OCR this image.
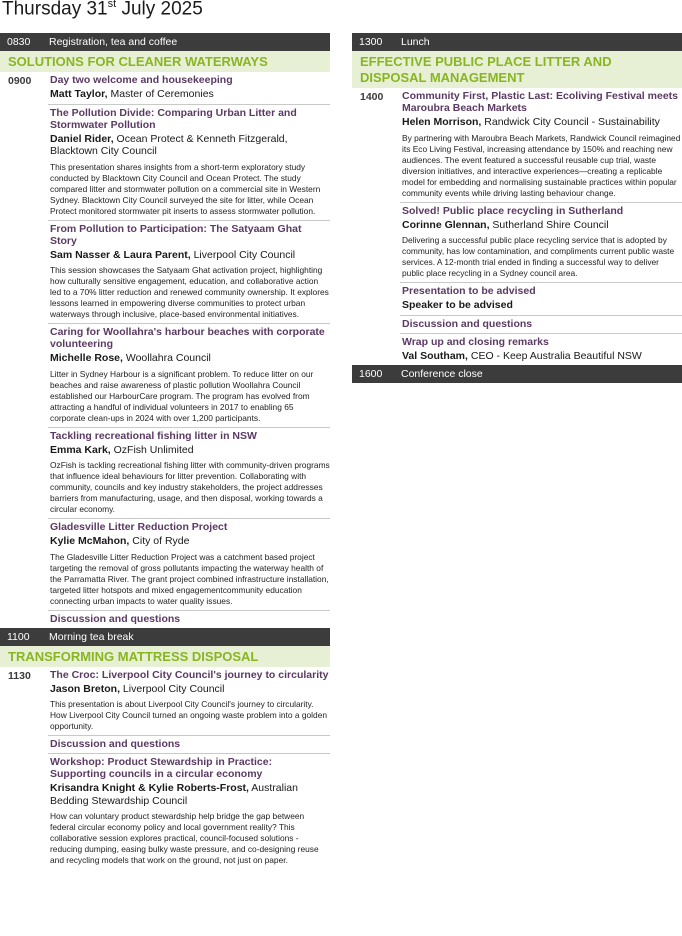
Thursday 31st July 2025
0830	Registration, tea and coffee
SOLUTIONS FOR CLEANER WATERWAYS
0900	Day two welcome and housekeeping
Matt Taylor, Master of Ceremonies
The Pollution Divide: Comparing Urban Litter and Stormwater Pollution
Daniel Rider, Ocean Protect & Kenneth Fitzgerald, Blacktown City Council
This presentation shares insights from a short-term exploratory study conducted by Blacktown City Council and Ocean Protect. The study compared litter and stormwater pollution on a commercial site in Western Sydney. Blacktown City Council surveyed the site for litter, while Ocean Protect monitored stormwater pit inserts to assess stormwater pollution.
From Pollution to Participation: The Satyaam Ghat Story
Sam Nasser & Laura Parent, Liverpool City Council
This session showcases the Satyaam Ghat activation project, highlighting how culturally sensitive engagement, education, and collaborative action led to a 70% litter reduction and renewed community ownership. It explores lessons learned in empowering diverse communities to protect urban waterways through inclusive, place-based environmental initiatives.
Caring for Woollahra's harbour beaches with corporate volunteering
Michelle Rose, Woollahra Council
Litter in Sydney Harbour is a significant problem. To reduce litter on our beaches and raise awareness of plastic pollution Woollahra Council established our HarbourCare program. The program has evolved from attracting a handful of individual volunteers in 2017 to enabling 65 corporate clean-ups in 2024 with over 1,200 participants.
Tackling recreational fishing litter in NSW
Emma Kark, OzFish Unlimited
OzFish is tackling recreational fishing litter with community-driven programs that influence ideal behaviours for litter prevention. Collaborating with community, councils and key industry stakeholders, the project addresses barriers from manufacturing, usage, and then disposal, working towards a circular economy.
Gladesville Litter Reduction Project
Kylie McMahon, City of Ryde
The Gladesville Litter Reduction Project was a catchment based project targeting the removal of gross pollutants impacting the waterway health of the Parramatta River. The grant project combined infrastructure installation, targeted litter hotspots and mixed engagementcommunity education connecting urban impacts to water quality issues.
Discussion and questions
1100	Morning tea break
TRANSFORMING MATTRESS DISPOSAL
1130	The Croc: Liverpool City Council's journey to circularity
Jason Breton, Liverpool City Council
This presentation is about Liverpool City Council's journey to circularity. How Liverpool City Council turned an ongoing waste problem into a golden opportunity.
Discussion and questions
Workshop: Product Stewardship in Practice: Supporting councils in a circular economy
Krisandra Knight & Kylie Roberts-Frost, Australian Bedding Stewardship Council
How can voluntary product stewardship help bridge the gap between federal circular economy policy and local government reality? This collaborative session explores practical, council-focused solutions - reducing dumping, easing bulky waste pressure, and co-designing reuse and recycling models that work on the ground, not just on paper.
1300	Lunch
EFFECTIVE PUBLIC PLACE LITTER AND DISPOSAL MANAGEMENT
1400	Community First, Plastic Last: Ecoliving Festival meets Maroubra Beach Markets
Helen Morrison, Randwick City Council - Sustainability
By partnering with Maroubra Beach Markets, Randwick Council reimagined its Eco Living Festival, increasing attendance by 150% and reaching new audiences. The event featured a successful reusable cup trial, waste diversion initiatives, and interactive experiences—creating a replicable model for embedding and normalising sustainable practices within popular community events while driving lasting behaviour change.
Solved! Public place recycling in Sutherland
Corinne Glennan, Sutherland Shire Council
Delivering a successful public place recycling service that is adopted by community, has low contamination, and compliments current public waste services. A 12-month trial ended in finding a successful way to deliver public place recycling in a Sydney council area.
Presentation to be advised
Speaker to be advised
Discussion and questions
Wrap up and closing remarks
Val Southam, CEO - Keep Australia Beautiful NSW
1600	Conference close
